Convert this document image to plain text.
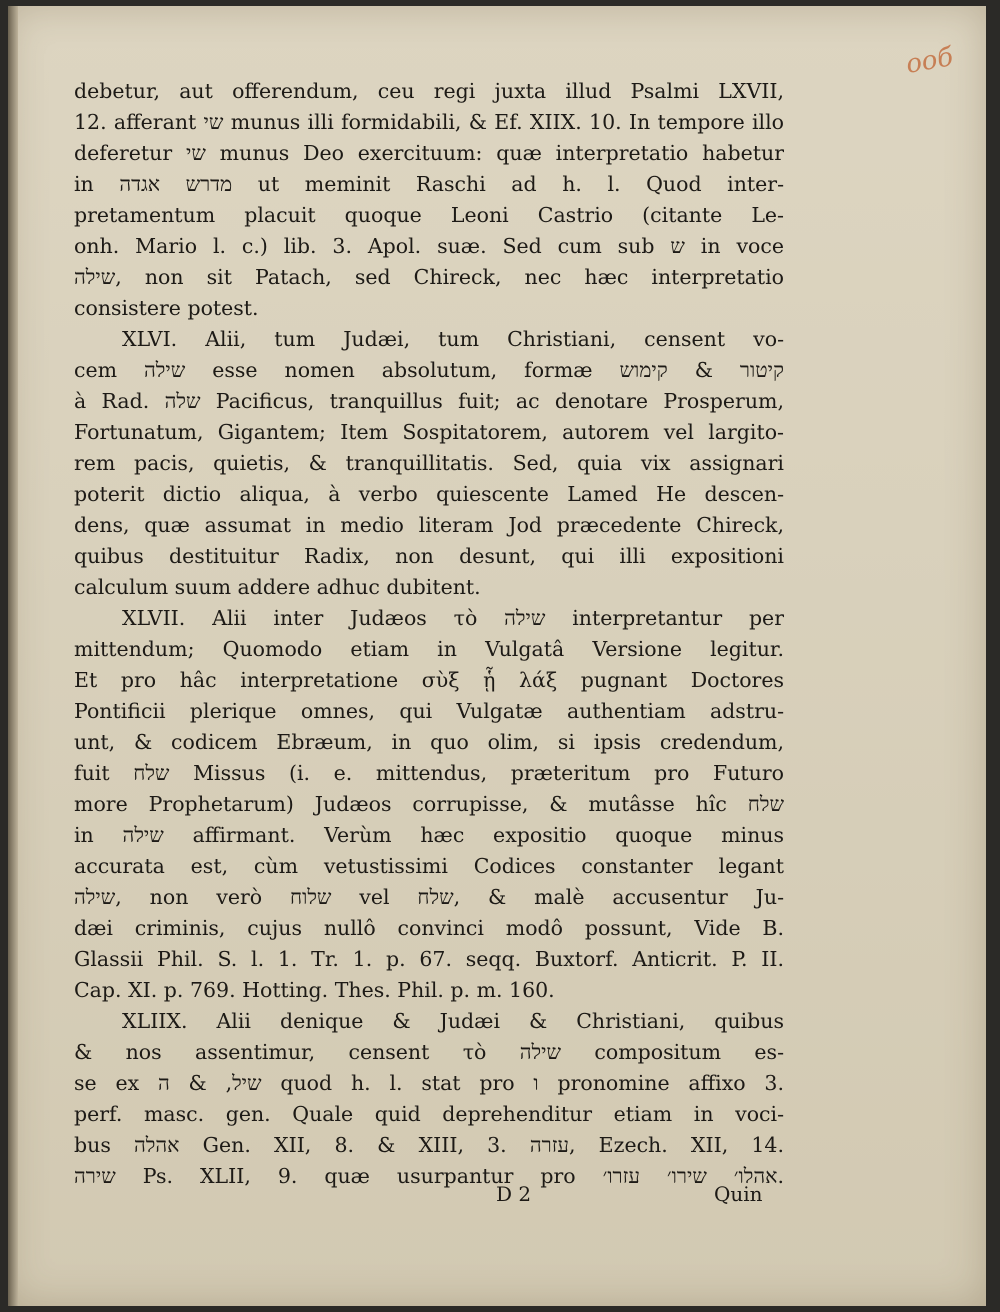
ооб
debetur, aut offerendum, ceu regi juxta illud Psalmi LXVII,
12. afferant שי munus illi formidabili, & Ef. XIIX. 10. In tempore illo
deferetur שי munus Deo exercituum: quæ interpretatio habetur
in מדרש אגדה ut meminit Raschi ad h. l. Quod inter-
pretamentum placuit quoque Leoni Castrio (citante Le-
onh. Mario l. c.) lib. 3. Apol. suæ. Sed cum sub ש in voce
שילה, non sit Patach, sed Chireck, nec hæc interpretatio
consistere potest.
XLVI. Alii, tum Judæi, tum Christiani, censent vo-
cem שילה esse nomen absolutum, formæ קיטור & קימוש
à Rad. שלה Pacificus, tranquillus fuit; ac denotare Prosperum,
Fortunatum, Gigantem; Item Sospitatorem, autorem vel largito-
rem pacis, quietis, & tranquillitatis. Sed, quia vix assignari
poterit dictio aliqua, à verbo quiescente Lamed He descen-
dens, quæ assumat in medio literam Jod præcedente Chireck,
quibus destituitur Radix, non desunt, qui illi expositioni
calculum suum addere adhuc dubitent.
XLVII. Alii inter Judæos τὸ שילה interpretantur per
mittendum; Quomodo etiam in Vulgatâ Versione legitur.
Et pro hâc interpretatione σὺξ ᾗ λάξ pugnant Doctores
Pontificii plerique omnes, qui Vulgatæ authentiam adstru-
unt, & codicem Ebræum, in quo olim, si ipsis credendum,
fuit שלח Missus (i. e. mittendus, præteritum pro Futuro
more Prophetarum) Judæos corrupisse, & mutâsse hîc שלח
in שילה affirmant. Verùm hæc expositio quoque minus
accurata est, cùm vetustissimi Codices constanter legant
שילה, non verò שלוח vel שלח, & malè accusentur Ju-
dæi criminis, cujus nullô convinci modô possunt, Vide B.
Glassii Phil. S. l. 1. Tr. 1. p. 67. seqq. Buxtorf. Anticrit. P. II.
Cap. XI. p. 769. Hotting. Thes. Phil. p. m. 160.
XLIIX. Alii denique & Judæi & Christiani, quibus
& nos assentimur, censent τὸ שילה compositum es-
se ex שיל, & ה quod h. l. stat pro ו pronomine affixo 3.
perf. masc. gen. Quale quid deprehenditur etiam in voci-
bus אהלה Gen. XII, 8. & XIII, 3. עזרה, Ezech. XII, 14.
שירה Ps. XLII, 9. quæ usurpantur pro אהלו׳ שירו׳ עזרו׳.
D 2	Quin
